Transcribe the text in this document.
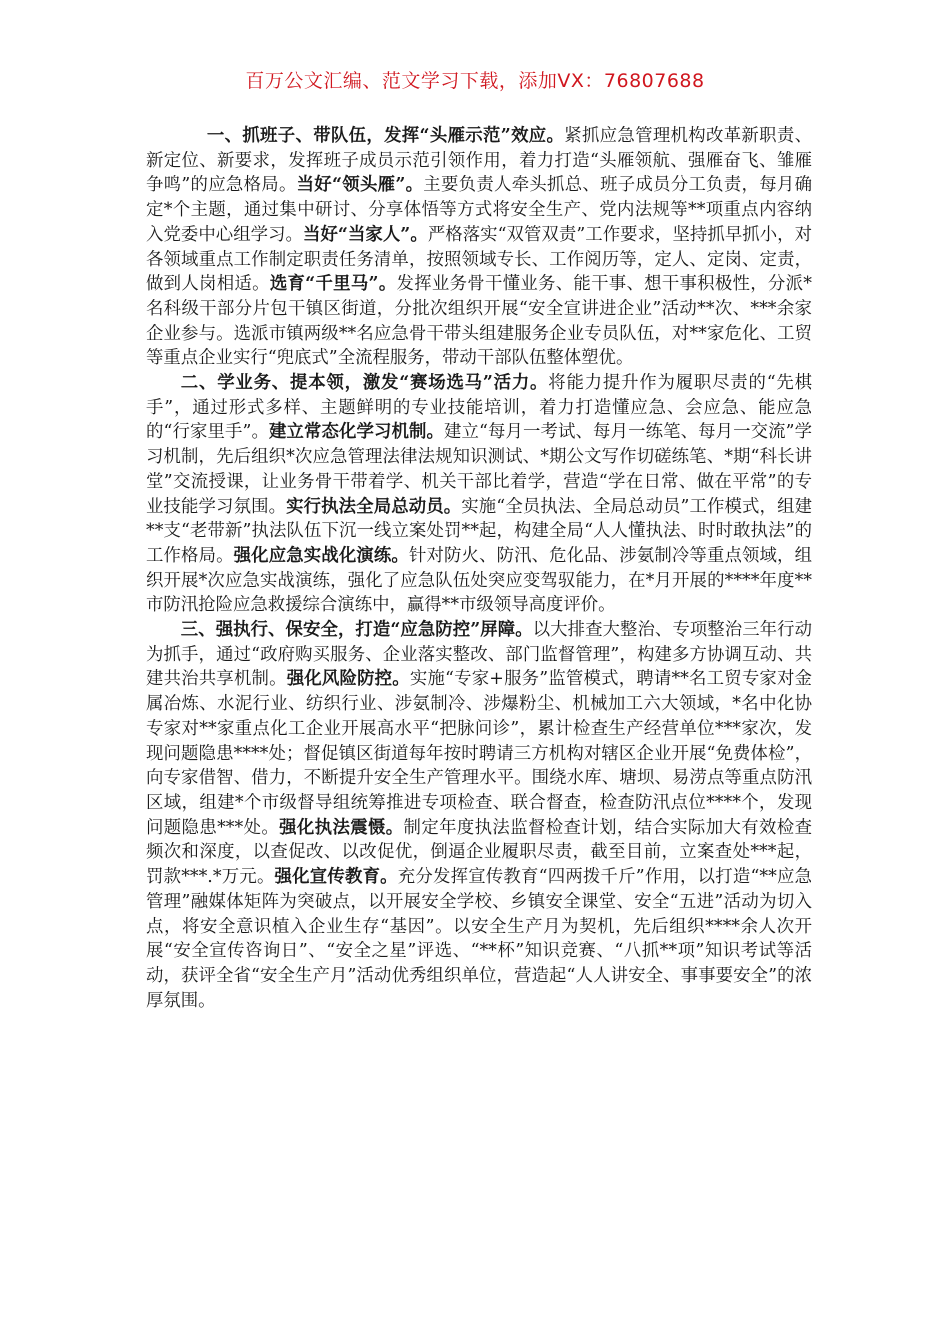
百万公文汇编、范文学习下载，添加VX：76807688

一、抓班子、带队伍，发挥“头雁示范”效应。紧抓应急管理机构改革新职责、新定位、新要求，发挥班子成员示范引领作用，着力打造“头雁领航、强雁奋飞、雏雁争鸣”的应急格局。当好“领头雁”。主要负责人牵头抓总、班子成员分工负责，每月确定*个主题，通过集中研讨、分享体悟等方式将安全生产、党内法规等**项重点内容纳入党委中心组学习。当好“当家人”。严格落实“双管双责”工作要求，坚持抓早抓小，对各领域重点工作制定职责任务清单，按照领域专长、工作阅历等，定人、定岗、定责，做到人岗相适。选育“千里马”。发挥业务骨干懂业务、能干事、想干事积极性，分派*名科级干部分片包干镇区街道，分批次组织开展“安全宣讲进企业”活动**次、***余家企业参与。选派市镇两级**名应急骨干带头组建服务企业专员队伍，对**家危化、工贸等重点企业实行“兜底式”全流程服务，带动干部队伍整体塑优。

二、学业务、提本领，激发“赛场选马”活力。将能力提升作为履职尽责的“先棋手”，通过形式多样、主题鲜明的专业技能培训，着力打造懂应急、会应急、能应急的“行家里手”。建立常态化学习机制。建立“每月一考试、每月一练笔、每月一交流”学习机制，先后组织*次应急管理法律法规知识测试、*期公文写作切磋练笔、*期“科长讲堂”交流授课，让业务骨干带着学、机关干部比着学，营造“学在日常、做在平常”的专业技能学习氛围。实行执法全局总动员。实施“全员执法、全局总动员”工作模式，组建**支“老带新”执法队伍下沉一线立案处罚**起，构建全局“人人懂执法、时时敢执法”的工作格局。强化应急实战化演练。针对防火、防汛、危化品、涉氨制冷等重点领域，组织开展*次应急实战演练，强化了应急队伍处突应变驾驭能力，在*月开展的****年度**市防汛抢险应急救援综合演练中，赢得**市级领导高度评价。

三、强执行、保安全，打造“应急防控”屏障。以大排查大整治、专项整治三年行动为抓手，通过“政府购买服务、企业落实整改、部门监督管理”，构建多方协调互动、共建共治共享机制。强化风险防控。实施“专家+服务”监管模式，聘请**名工贸专家对金属冶炼、水泥行业、纺织行业、涉氨制冷、涉爆粉尘、机械加工六大领域，*名中化协专家对**家重点化工企业开展高水平“把脉问诊”，累计检查生产经营单位***家次，发现问题隐患****处；督促镇区街道每年按时聘请三方机构对辖区企业开展“免费体检”，向专家借智、借力，不断提升安全生产管理水平。围绕水库、塘坝、易涝点等重点防汛区域，组建*个市级督导组统筹推进专项检查、联合督查，检查防汛点位****个，发现问题隐患***处。强化执法震慑。制定年度执法监督检查计划，结合实际加大有效检查频次和深度，以查促改、以改促优，倒逼企业履职尽责，截至目前，立案查处***起，罚款***.*万元。强化宣传教育。充分发挥宣传教育“四两拨千斤”作用，以打造“**应急管理”融媒体矩阵为突破点，以开展安全学校、乡镇安全课堂、安全“五进”活动为切入点，将安全意识植入企业生存“基因”。以安全生产月为契机，先后组织****余人次开展“安全宣传咨询日”、“安全之星”评选、“**杯”知识竞赛、“八抓**项”知识考试等活动，获评全省“安全生产月”活动优秀组织单位，营造起“人人讲安全、事事要安全”的浓厚氛围。
